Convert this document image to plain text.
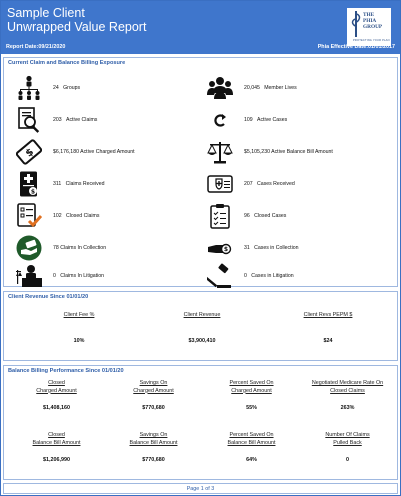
Sample Client
Unwrapped Value Report
THE
PHIA
GROUP
PROTECTING YOUR PLAN
Report Date:09/21/2020	Phia Effective Date:01/01/2017
Current Claim and Balance Billing Exposure
24 Groups
203 Active Claims
$	$6,176,180 Active Charged Amount
$
311 Claims Received
102 Closed Claims
78 Claims In Collection
0 Claims In Litigation
20,045 Member Lives
109 Active Cases
$5,105,230 Active Balance Bill Amount
207 Cases Received
96 Closed Cases
$	31 Cases in Collection
0 Cases in Litigation
Client Revenue Since 01/01/20
Client Fee %
10%
Client Revenue
$3,900,410
Client Revs PEPM $
$24
Balance Billing Performance Since 01/01/20
Closed
Charged Amount
$1,408,160
Savings On
Charged Amount
$770,680
Percent Saved On
Charged Amount
55%
Negotiated Medicare Rate On
Closed Claims
263%
Closed
Balance Bill Amount
$1,206,990
Savings On
Balance Bill Amount
$770,680
Percent Saved On
Balance Bill Amount
64%
Number Of Claims
Pulled Back
0
Page 1 of 3
